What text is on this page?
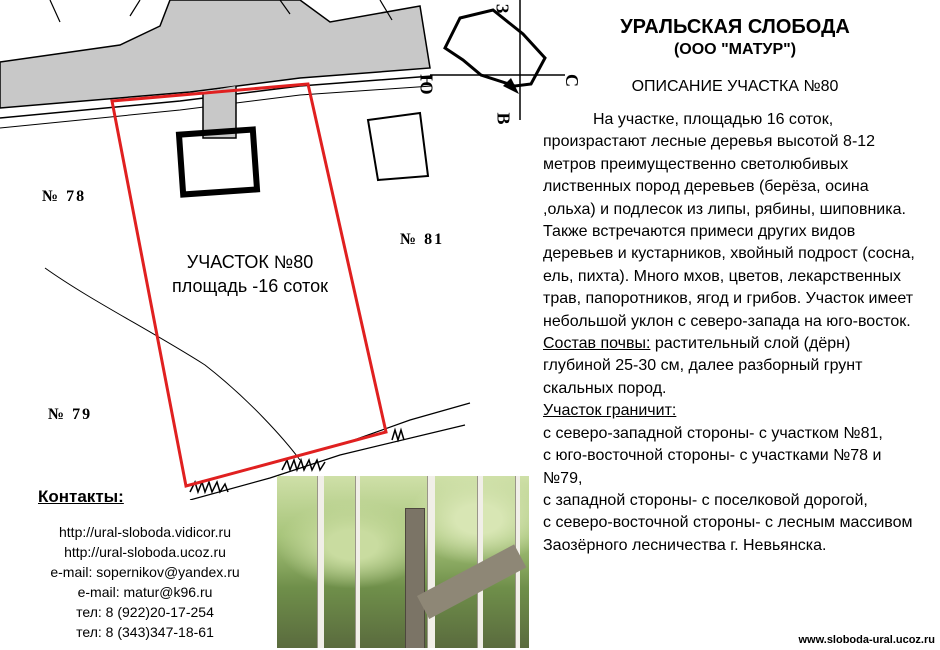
З
С
В
Ю
№ 78
№ 81
№ 79
УЧАСТОК №80
площадь -16 соток
УРАЛЬСКАЯ СЛОБОДА
(ООО "МАТУР")
ОПИСАНИЕ УЧАСТКА №80

На участке, площадью 16 соток, произрастают лесные деревья высотой 8-12 метров преимущественно светолюбивых лиственных пород деревьев (берёза, осина ,ольха) и подлесок из липы, рябины, шиповника. Также встречаются примеси других видов деревьев и кустарников, хвойный подрост (сосна, ель, пихта). Много мхов, цветов, лекарственных трав, папоротников, ягод и грибов. Участок имеет небольшой уклон с северо-запада на юго-восток.

Состав почвы: растительный слой (дёрн) глубиной 25-30 см, далее разборный грунт скальных пород.

Участок граничит:

с северо-западной стороны- с участком №81,

с юго-восточной стороны- с участками №78 и №79,

с западной стороны- с поселковой дорогой,

с северо-восточной стороны- с лесным массивом Заозёрного лесничества г. Невьянска.

Контакты:
http://ural-sloboda.vidicor.ru
http://ural-sloboda.ucoz.ru
e-mail: sopernikov@yandex.ru
e-mail: matur@k96.ru
тел: 8 (922)20-17-254
тел: 8 (343)347-18-61	www.sloboda-ural.ucoz.ru
